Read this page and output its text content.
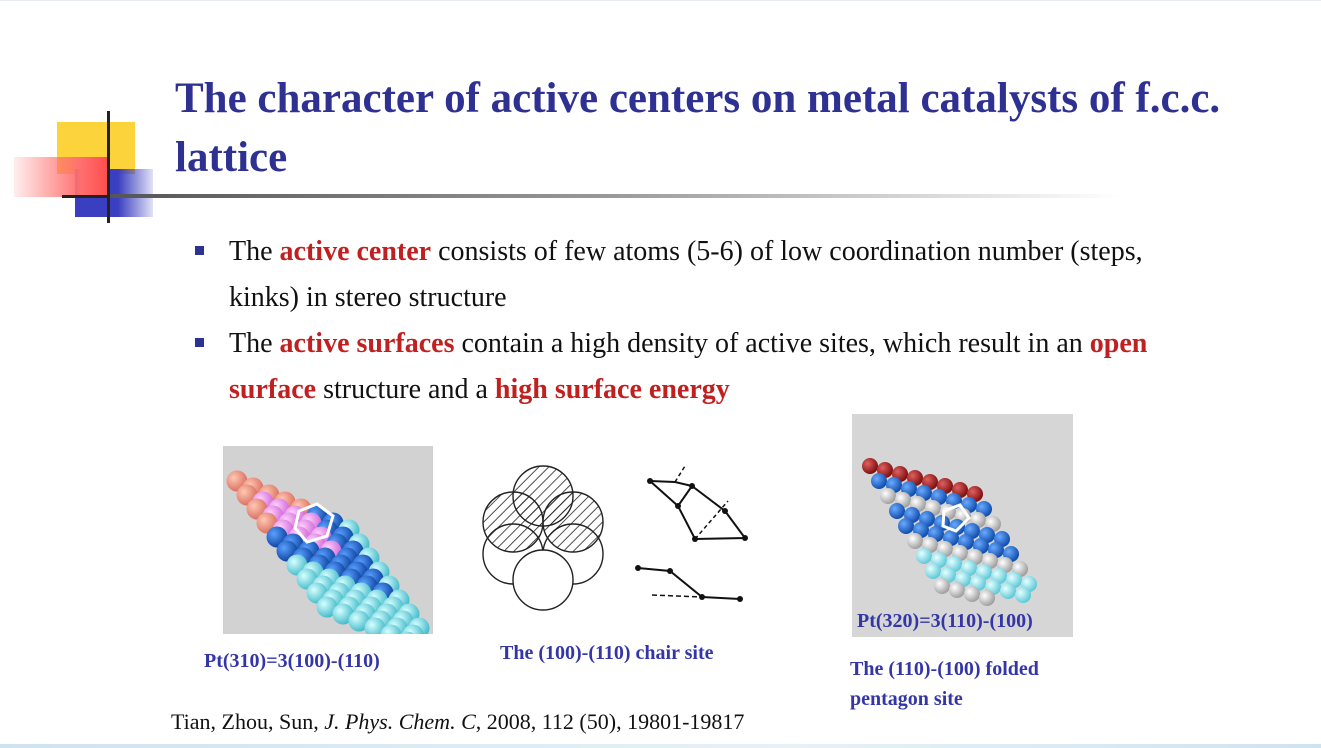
The character of active centers on metal catalysts of f.c.c. lattice
The active center consists of few atoms (5-6) of low coordination number (steps, kinks) in stereo structure
The active surfaces contain a high density of active sites, which result in an open surface structure and a high surface energy
Pt(310)=3(100)-(110)	The (100)-(110) chair site
Pt(320)=3(110)-(100)
The (110)-(100) folded
pentagon site
Tian, Zhou, Sun, J. Phys. Chem. C, 2008, 112 (50), 19801-19817
